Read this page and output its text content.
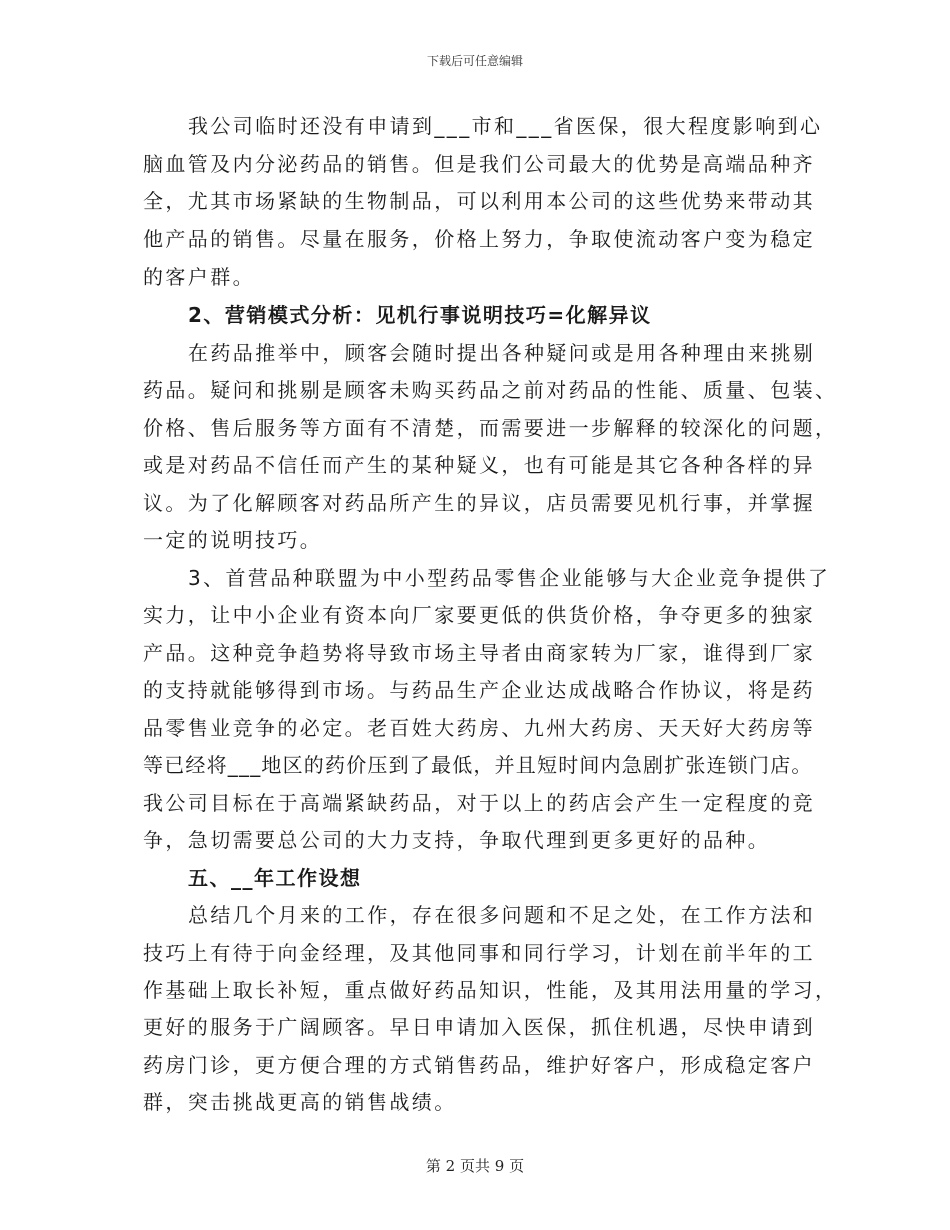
下载后可任意编辑
我公司临时还没有申请到___市和___省医保，很大程度影响到心
脑血管及内分泌药品的销售。但是我们公司最大的优势是高端品种齐
全，尤其市场紧缺的生物制品，可以利用本公司的这些优势来带动其
他产品的销售。尽量在服务，价格上努力，争取使流动客户变为稳定
的客户群。
2、营销模式分析：见机行事说明技巧=化解异议
在药品推举中，顾客会随时提出各种疑问或是用各种理由来挑剔
药品。疑问和挑剔是顾客未购买药品之前对药品的性能、质量、包装、
价格、售后服务等方面有不清楚，而需要进一步解释的较深化的问题，
或是对药品不信任而产生的某种疑义，也有可能是其它各种各样的异
议。为了化解顾客对药品所产生的异议，店员需要见机行事，并掌握
一定的说明技巧。
3、首营品种联盟为中小型药品零售企业能够与大企业竞争提供了
实力，让中小企业有资本向厂家要更低的供货价格，争夺更多的独家
产品。这种竞争趋势将导致市场主导者由商家转为厂家，谁得到厂家
的支持就能够得到市场。与药品生产企业达成战略合作协议，将是药
品零售业竞争的必定。老百姓大药房、九州大药房、天天好大药房等
等已经将___地区的药价压到了最低，并且短时间内急剧扩张连锁门店。
我公司目标在于高端紧缺药品，对于以上的药店会产生一定程度的竞
争，急切需要总公司的大力支持，争取代理到更多更好的品种。
五、__年工作设想
总结几个月来的工作，存在很多问题和不足之处，在工作方法和
技巧上有待于向金经理，及其他同事和同行学习，计划在前半年的工
作基础上取长补短，重点做好药品知识，性能，及其用法用量的学习，
更好的服务于广阔顾客。早日申请加入医保，抓住机遇，尽快申请到
药房门诊，更方便合理的方式销售药品，维护好客户，形成稳定客户
群，突击挑战更高的销售战绩。
第 2 页共 9 页
